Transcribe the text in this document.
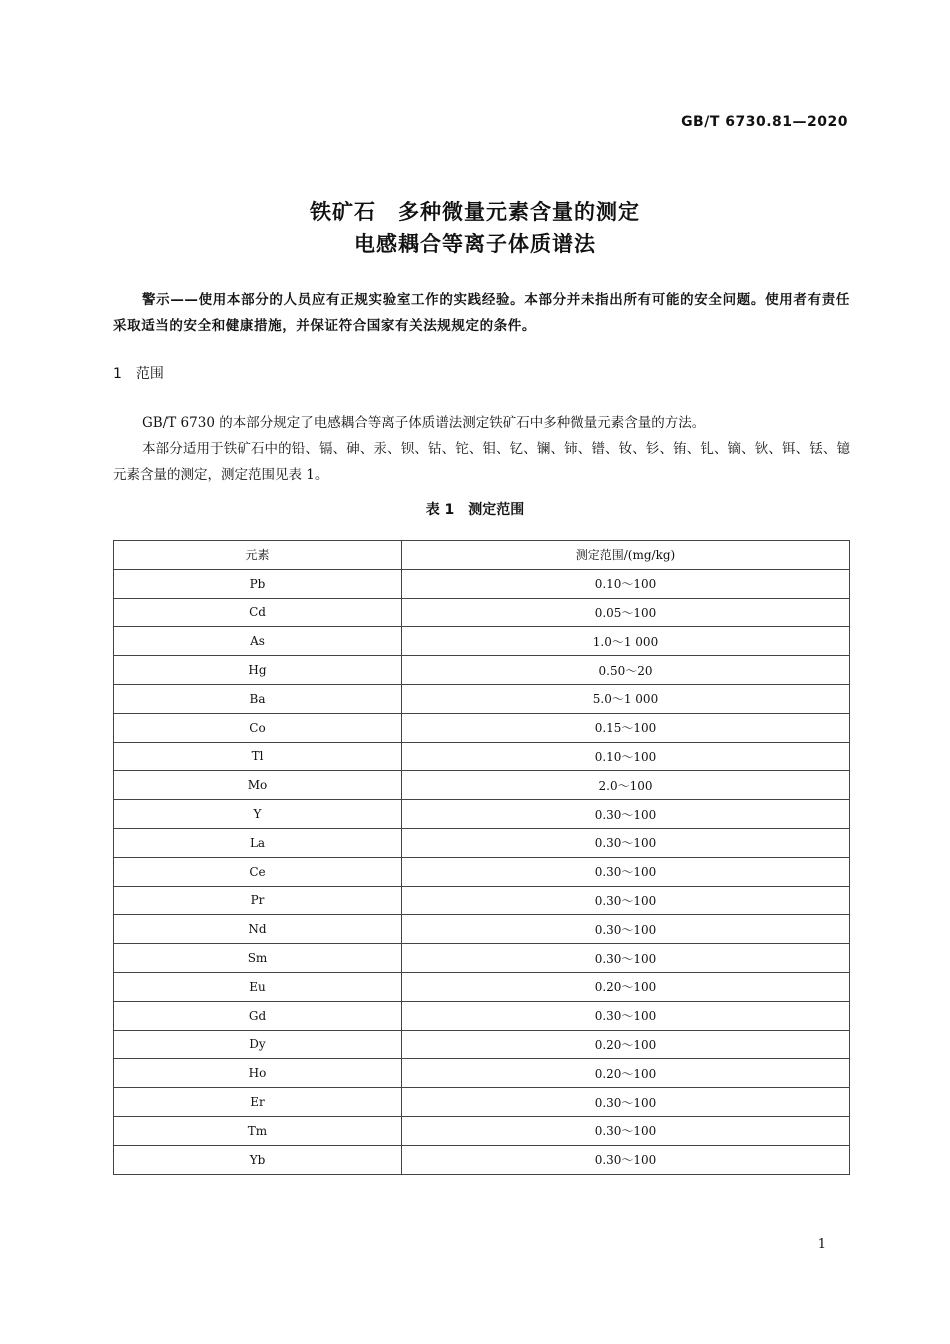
GB/T 6730.81—2020
铁矿石　多种微量元素含量的测定
电感耦合等离子体质谱法
警示——使用本部分的人员应有正规实验室工作的实践经验。本部分并未指出所有可能的安全问题。使用者有责任采取适当的安全和健康措施，并保证符合国家有关法规规定的条件。
1 范围
GB/T 6730 的本部分规定了电感耦合等离子体质谱法测定铁矿石中多种微量元素含量的方法。
本部分适用于铁矿石中的铅、镉、砷、汞、钡、钴、铊、钼、钇、镧、铈、镨、钕、钐、铕、钆、镝、钬、铒、铥、镱元素含量的测定，测定范围见表 1。
表 1　测定范围
元素	测定范围/(mg/kg)
Pb	0.10～100
Cd	0.05～100
As	1.0～1 000
Hg	0.50～20
Ba	5.0～1 000
Co	0.15～100
Tl	0.10～100
Mo	2.0～100
Y	0.30～100
La	0.30～100
Ce	0.30～100
Pr	0.30～100
Nd	0.30～100
Sm	0.30～100
Eu	0.20～100
Gd	0.30～100
Dy	0.20～100
Ho	0.20～100
Er	0.30～100
Tm	0.30～100
Yb	0.30～100
1
